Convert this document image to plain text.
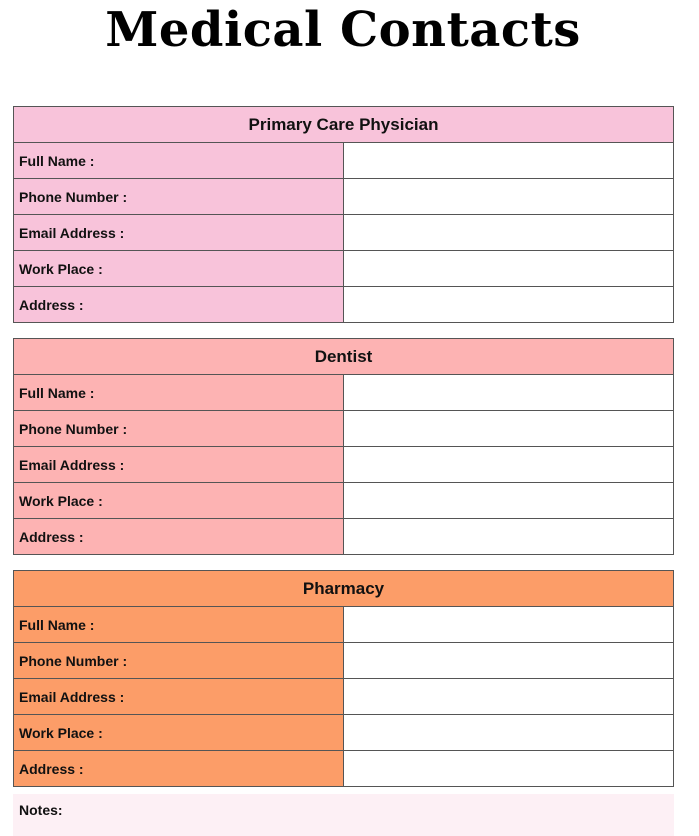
Medical Contacts
Primary Care Physician	
Full Name :	
Phone Number :	
Email Address :	
Work Place :	
Address :	
Dentist	
Full Name :	
Phone Number :	
Email Address :	
Work Place :	
Address :	
Pharmacy	
Full Name :	
Phone Number :	
Email Address :	
Work Place :	
Address :	
Notes:
